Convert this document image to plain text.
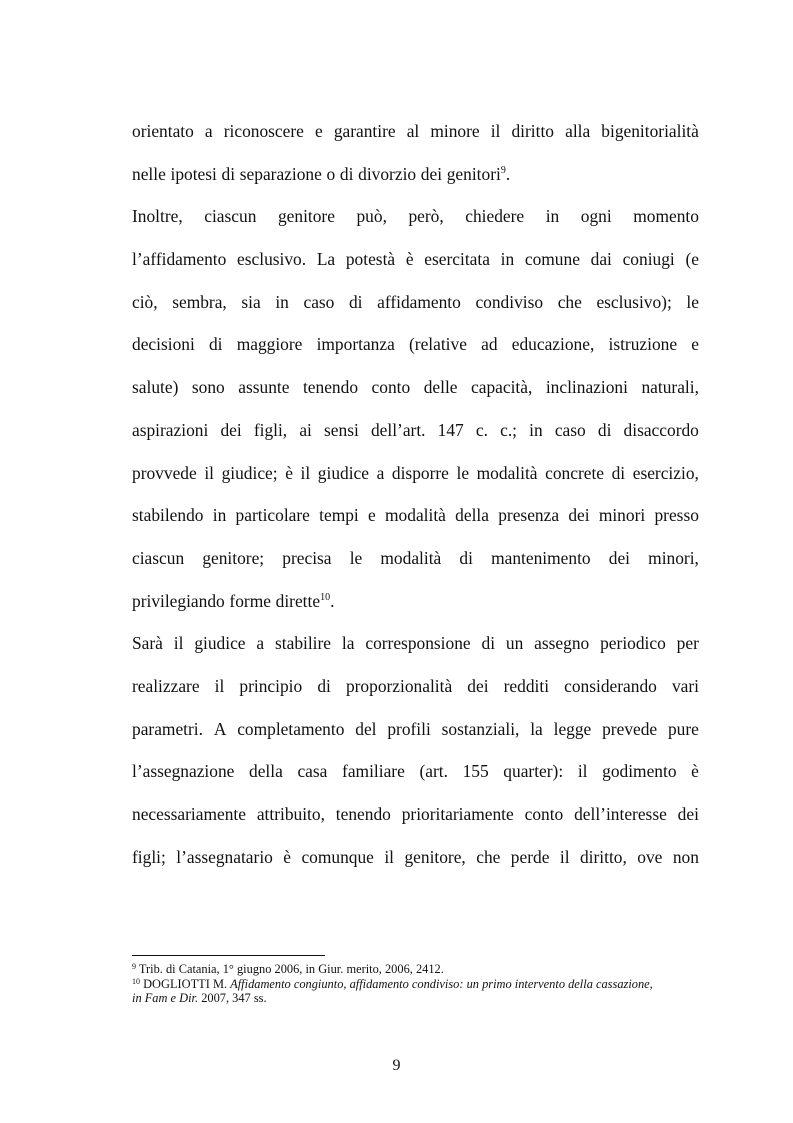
orientato a riconoscere e garantire al minore il diritto alla bigenitorialità
nelle ipotesi di separazione o di divorzio dei genitori$^9$.
Inoltre, ciascun genitore può, però, chiedere in ogni momento
l’affidamento esclusivo. La potestà è esercitata in comune dai coniugi (e
ciò, sembra, sia in caso di affidamento condiviso che esclusivo); le
decisioni di maggiore importanza (relative ad educazione, istruzione e
salute) sono assunte tenendo conto delle capacità, inclinazioni naturali,
aspirazioni dei figli, ai sensi dell’art. 147 c. c.; in caso di disaccordo
provvede il giudice; è il giudice a disporre le modalità concrete di esercizio,
stabilendo in particolare tempi e modalità della presenza dei minori presso
ciascun genitore; precisa le modalità di mantenimento dei minori,
privilegiando forme dirette$^{10}$.
Sarà il giudice a stabilire la corresponsione di un assegno periodico per
realizzare il principio di proporzionalità dei redditi considerando vari
parametri. A completamento del profili sostanziali, la legge prevede pure
l’assegnazione della casa familiare (art. 155 quarter): il godimento è
necessariamente attribuito, tenendo prioritariamente conto dell’interesse dei
figli; l’assegnatario è comunque il genitore, che perde il diritto, ove non
$^9$ Trib. di Catania, 1° giugno 2006, in Giur. merito, 2006, 2412.
$^{10}$ DOGLIOTTI M. Affidamento congiunto, affidamento condiviso: un primo intervento della cassazione,
in Fam e Dir. 2007, 347 ss.
9
